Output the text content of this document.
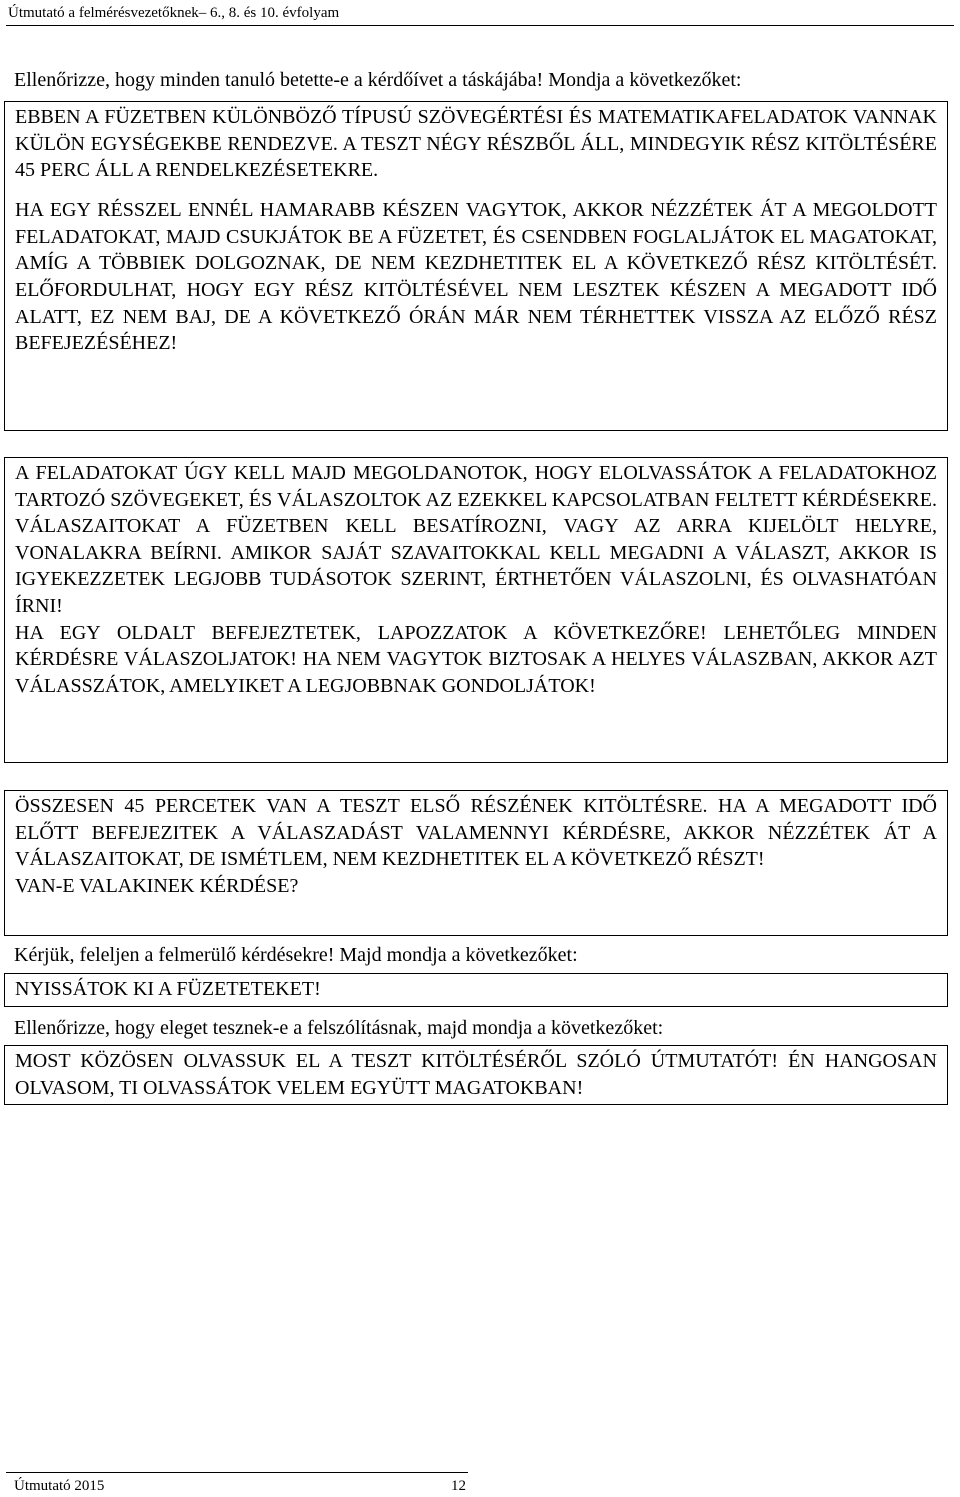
Útmutató a felmérésvezetőknek– 6., 8. és 10. évfolyam

Ellenőrizze, hogy minden tanuló betette-e a kérdőívet a táskájába! Mondja a következőket:

EBBEN A FÜZETBEN KÜLÖNBÖZŐ TÍPUSÚ SZÖVEGÉRTÉSI ÉS MATEMATIKAFELADATOK VANNAK KÜLÖN EGYSÉGEKBE RENDEZVE. A TESZT NÉGY RÉSZBŐL ÁLL, MINDEGYIK RÉSZ KITÖLTÉSÉRE 45 PERC ÁLL A RENDELKEZÉSETEKRE.

HA EGY RÉSSZEL ENNÉL HAMARABB KÉSZEN VAGYTOK, AKKOR NÉZZÉTEK ÁT A MEGOLDOTT FELADATOKAT, MAJD CSUKJÁTOK BE A FÜZETET, ÉS CSENDBEN FOGLALJÁTOK EL MAGATOKAT, AMÍG A TÖBBIEK DOLGOZNAK, DE NEM KEZDHETITEK EL A KÖVETKEZŐ RÉSZ KITÖLTÉSÉT. ELŐFORDULHAT, HOGY EGY RÉSZ KITÖLTÉSÉVEL NEM LESZTEK KÉSZEN A MEGADOTT IDŐ ALATT, EZ NEM BAJ, DE A KÖVETKEZŐ ÓRÁN MÁR NEM TÉRHETTEK VISSZA AZ ELŐZŐ RÉSZ BEFEJEZÉSÉHEZ!

A FELADATOKAT ÚGY KELL MAJD MEGOLDANOTOK, HOGY ELOLVASSÁTOK A FELADATOKHOZ TARTOZÓ SZÖVEGEKET, ÉS VÁLASZOLTOK AZ EZEKKEL KAPCSOLATBAN FELTETT KÉRDÉSEKRE. VÁLASZAITOKAT A FÜZETBEN KELL BESATÍROZNI, VAGY AZ ARRA KIJELÖLT HELYRE, VONALAKRA BEÍRNI. AMIKOR SAJÁT SZAVAITOKKAL KELL MEGADNI A VÁLASZT, AKKOR IS IGYEKEZZETEK LEGJOBB TUDÁSOTOK SZERINT, ÉRTHETŐEN VÁLASZOLNI, ÉS OLVASHATÓAN ÍRNI!

HA EGY OLDALT BEFEJEZTETEK, LAPOZZATOK A KÖVETKEZŐRE! LEHETŐLEG MINDEN KÉRDÉSRE VÁLASZOLJATOK! HA NEM VAGYTOK BIZTOSAK A HELYES VÁLASZBAN, AKKOR AZT VÁLASSZÁTOK, AMELYIKET A LEGJOBBNAK GONDOLJÁTOK!

ÖSSZESEN 45 PERCETEK VAN A TESZT ELSŐ RÉSZÉNEK KITÖLTÉSRE. HA A MEGADOTT IDŐ ELŐTT BEFEJEZITEK A VÁLASZADÁST VALAMENNYI KÉRDÉSRE, AKKOR NÉZZÉTEK ÁT A VÁLASZAITOKAT, DE ISMÉTLEM, NEM KEZDHETITEK EL A KÖVETKEZŐ RÉSZT!

VAN-E VALAKINEK KÉRDÉSE?

Kérjük, feleljen a felmerülő kérdésekre! Majd mondja a következőket:

NYISSÁTOK KI A FÜZETETEKET!

Ellenőrizze, hogy eleget tesznek-e a felszólításnak, majd mondja a következőket:

MOST KÖZÖSEN OLVASSUK EL A TESZT KITÖLTÉSÉRŐL SZÓLÓ ÚTMUTATÓT! ÉN HANGOSAN OLVASOM, TI OLVASSÁTOK VELEM EGYÜTT MAGATOKBAN!

Útmutató 2015	12
